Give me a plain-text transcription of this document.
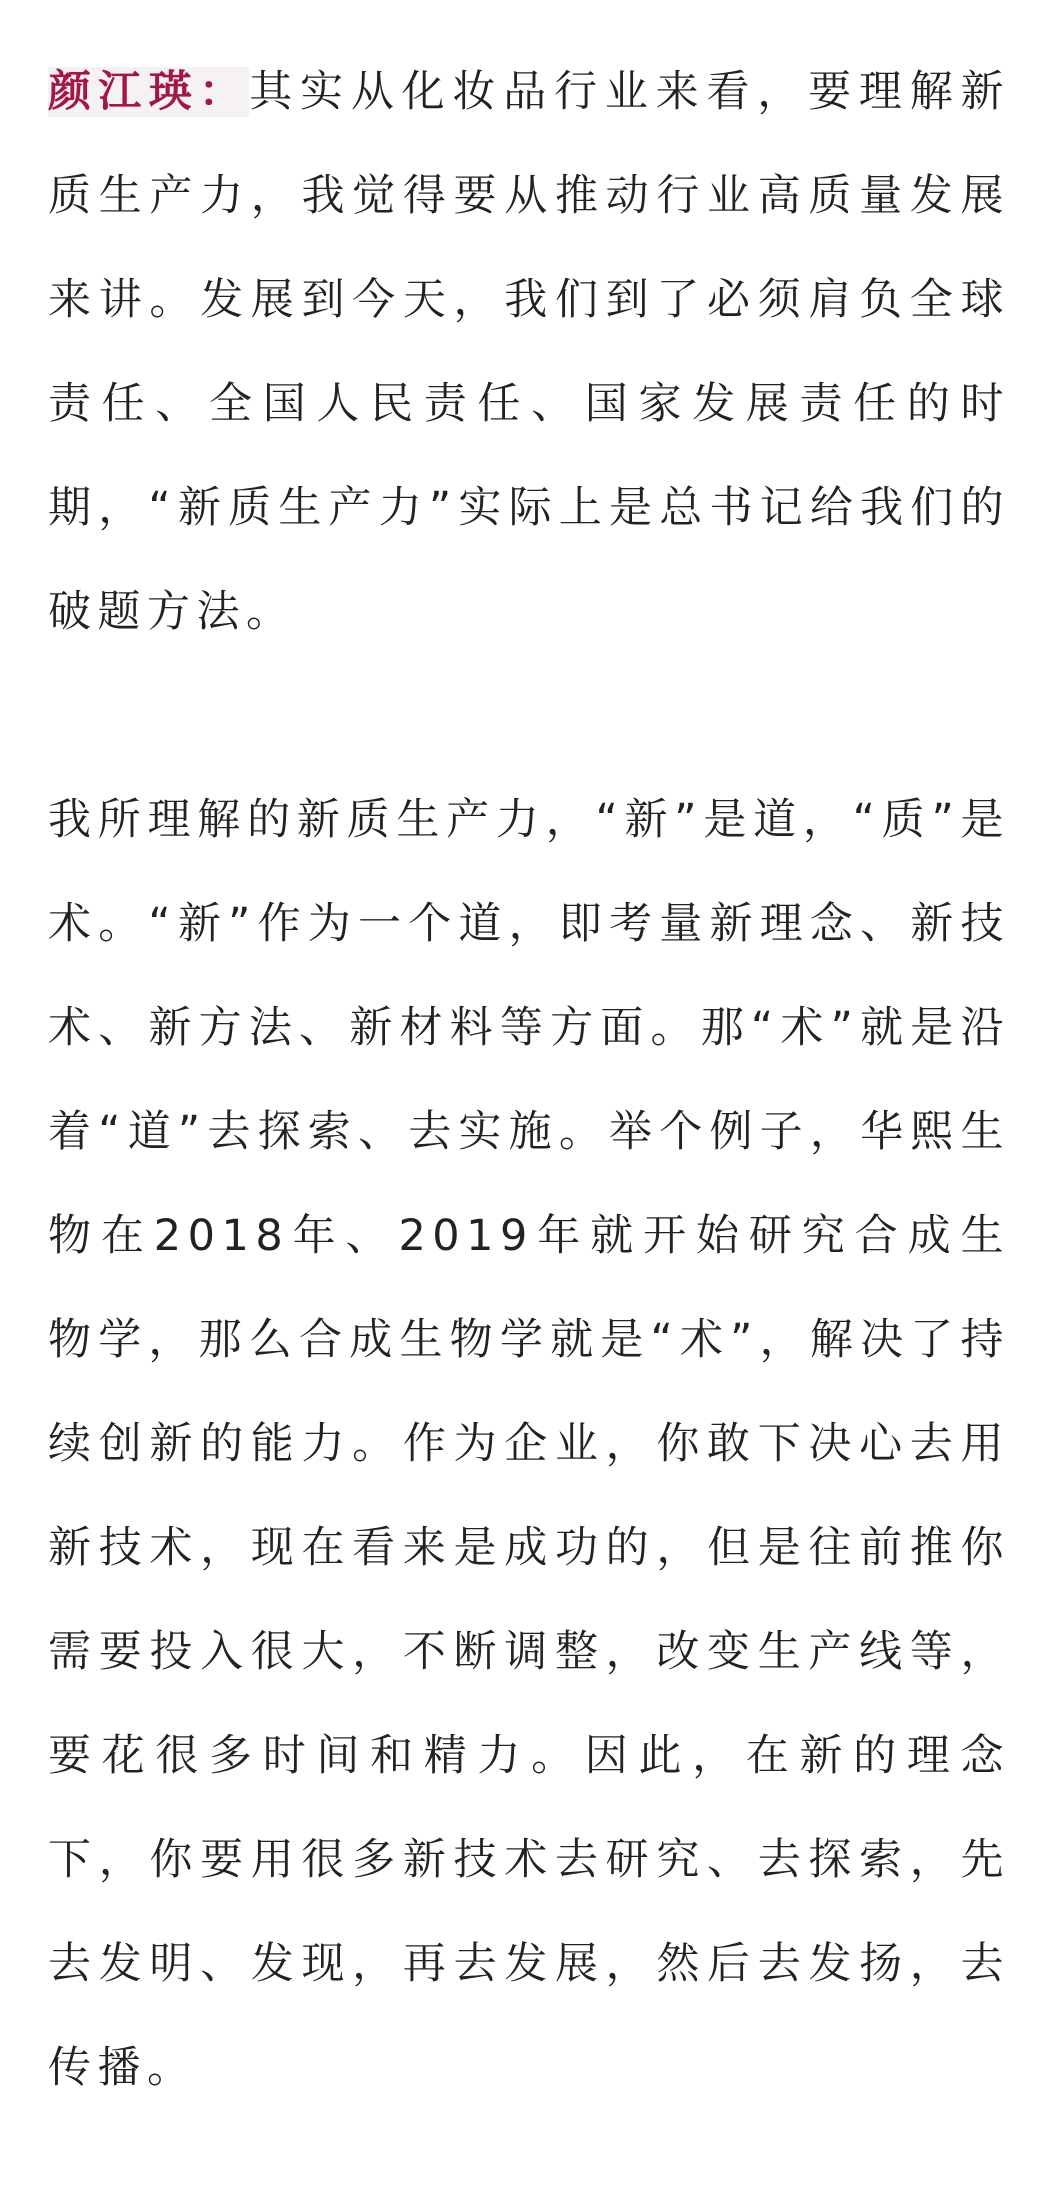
颜江瑛：其实从化妆品行业来看，要理解新质生产力，我觉得要从推动行业高质量发展来讲。发展到今天，我们到了必须肩负全球责任、全国人民责任、国家发展责任的时期，“新质生产力”实际上是总书记给我们的破题方法。

我所理解的新质生产力，“新”是道，“质”是术。“新”作为一个道，即考量新理念、新技术、新方法、新材料等方面。那“术”就是沿着“道”去探索、去实施。举个例子，华熙生物在2018年、2019年就开始研究合成生物学，那么合成生物学就是“术”，解决了持续创新的能力。作为企业，你敢下决心去用新技术，现在看来是成功的，但是往前推你需要投入很大，不断调整，改变生产线等，要花很多时间和精力。因此，在新的理念下，你要用很多新技术去研究、去探索，先去发明、发现，再去发展，然后去发扬，去传播。
